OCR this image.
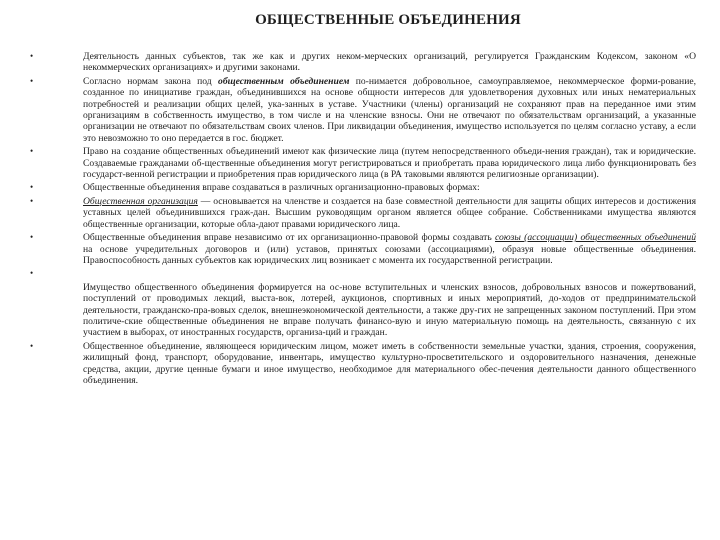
ОБЩЕСТВЕННЫЕ ОБЪЕДИНЕНИЯ
•	Деятельность данных субъектов, так же как и других неком-мерческих организаций, регулируется Гражданским Кодексом, законом «О некоммерческих организациях» и другими законами.
•	Согласно нормам закона под общественным объединением по-нимается добровольное, самоуправляемое, некоммерческое форми-рование, созданное по инициативе граждан, объединившихся на основе общности интересов для удовлетворения духовных или иных нематериальных потребностей и реализации общих целей, ука-занных в уставе. Участники (члены) организаций не сохраняют прав на переданное ими этим организациям в собственность имущество, в том числе и на членские взносы. Они не отвечают по обязательствам организаций, а указанные организации не отвечают по обязательствам своих членов. При ликвидации объединения, имущество используется по целям согласно уставу, а если это невозможно то оно передается в гос. бюджет.
•	Право на создание общественных объединений имеют как физические лица (путем непосредственного объеди-нения граждан), так и юридические. Создаваемые гражданами об-щественные объединения могут регистрироваться и приобретать права юридического лица либо функционировать без государст-венной регистрации и приобретения прав юридического лица (в РА таковыми являются религиозные организации).
•	Общественные объединения вправе создаваться в различных организационно-правовых формах:
•	Общественная организация — основывается на членстве и создается на базе совместной деятельности для защиты общих интересов и достижения уставных целей объединившихся граж-дан. Высшим руководящим органом является общее собрание. Собственниками имущества являются общественные организации, которые обла-дают правами юридического лица.
•	Общественные объединения вправе независимо от их организационно-правовой формы создавать союзы (ассоциации) общественных объединений на основе учредительных договоров и (или) уставов, принятых союзами (ассоциациями), образуя новые общественные объединения. Правоспособность данных субъектов как юридических лиц возникает с момента их государственной регистрации.
•
Имущество общественного объединения формируется на ос-нове вступительных и членских взносов, добровольных взносов и пожертвований, поступлений от проводимых лекций, выста-вок, лотерей, аукционов, спортивных и иных мероприятий, до-ходов от предпринимательской деятельности, гражданско-пра-вовых сделок, внешнеэкономической деятельности, а также дру-гих не запрещенных законом поступлений. При этом политиче-ские общественные объединения не вправе получать финансо-вую и иную материальную помощь на деятельность, связанную с их участием в выборах, от иностранных государств, организа-ций и граждан.
•	Общественное объединение, являющееся юридическим лицом, может иметь в собственности земельные участки, здания, строения, сооружения, жилищный фонд, транспорт, оборудование, инвентарь, имущество культурно-просветительского и оздоровительного назначения, денежные средства, акции, другие ценные бумаги и иное имущество, необходимое для материального обес-печения деятельности данного общественного объединения.
